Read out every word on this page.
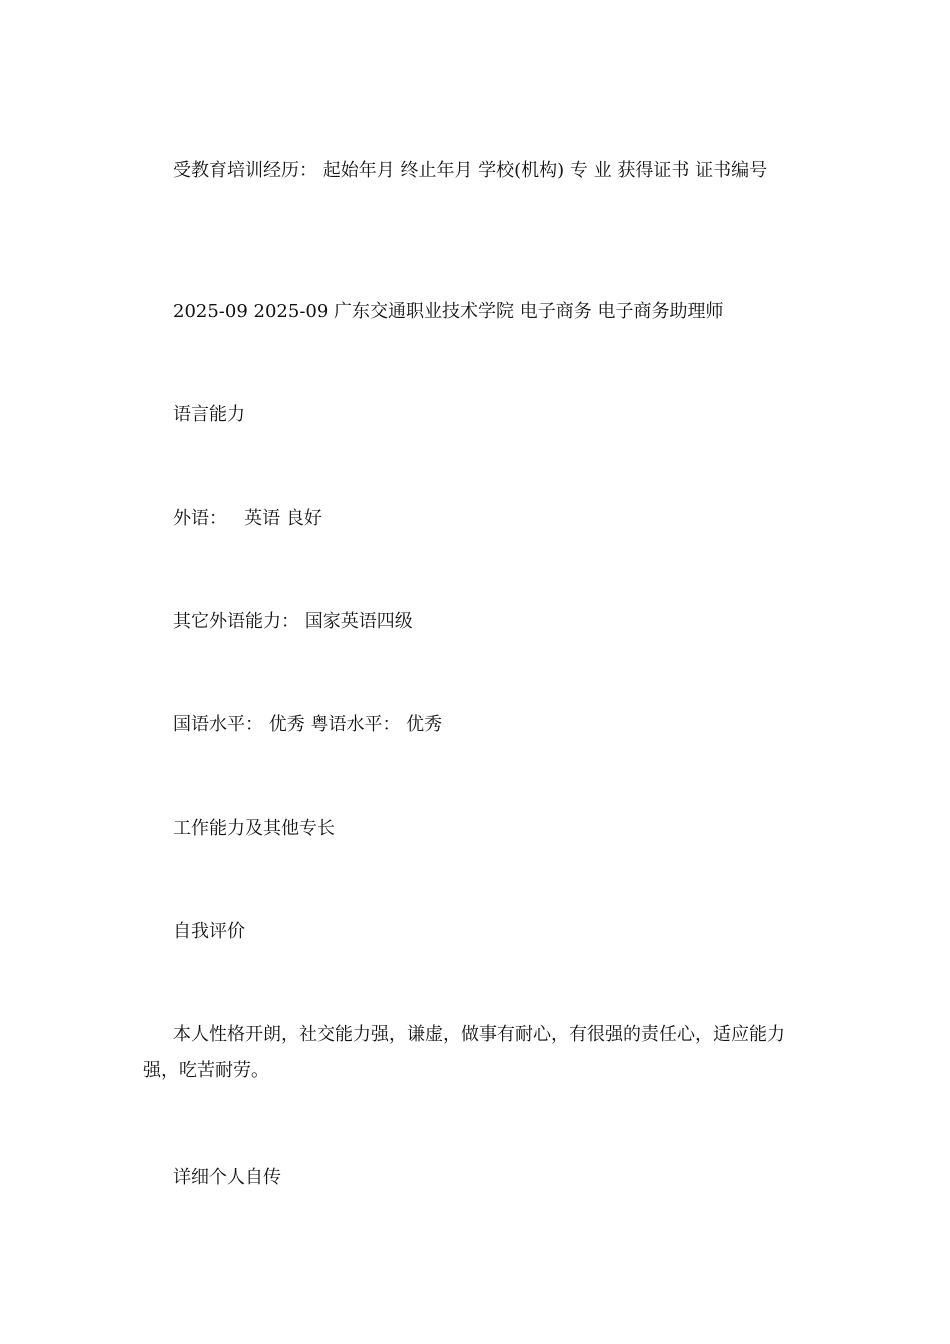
受教育培训经历： 起始年月 终止年月 学校(机构) 专 业 获得证书 证书编号
2025-09 2025-09 广东交通职业技术学院 电子商务 电子商务助理师
语言能力
外语：   英语 良好
其它外语能力： 国家英语四级
国语水平： 优秀 粤语水平： 优秀
工作能力及其他专长
自我评价
本人性格开朗，社交能力强，谦虚，做事有耐心，有很强的责任心，适应能力强，吃苦耐劳。
详细个人自传
